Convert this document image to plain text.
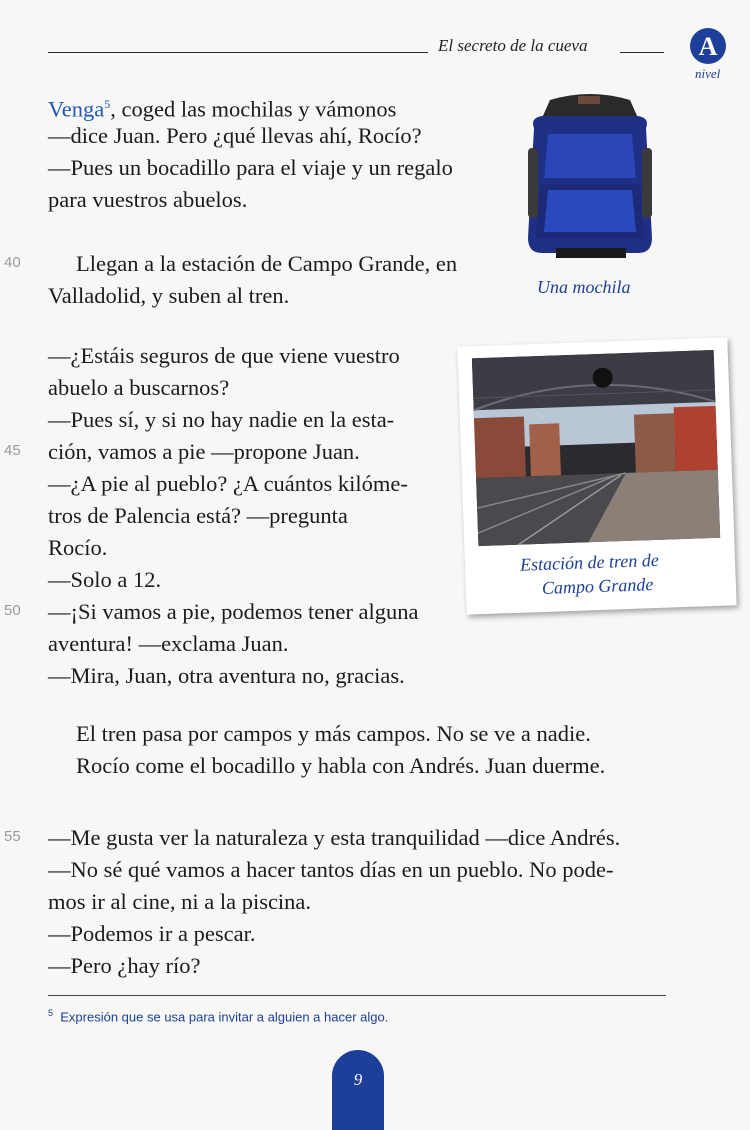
El secreto de la cueva	A
nivel
Venga$^5$, coged las mochilas y vámonos
—dice Juan. Pero ¿qué llevas ahí, Rocío?
—Pues un bocadillo para el viaje y un regalo
para vuestros abuelos.
Una mochila
40 Llegan a la estación de Campo Grande, en
Valladolid, y suben al tren.
—¿Estáis seguros de que viene vuestro
abuelo a buscarnos?
—Pues sí, y si no hay nadie en la esta-
45 ción, vamos a pie —propone Juan.
—¿A pie al pueblo? ¿A cuántos kilóme-
tros de Palencia está? —pregunta
Rocío.
—Solo a 12.
50 —¡Si vamos a pie, podemos tener alguna
aventura! —exclama Juan.
—Mira, Juan, otra aventura no, gracias.
Estación de tren de
Campo Grande
El tren pasa por campos y más campos. No se ve a nadie.
Rocío come el bocadillo y habla con Andrés. Juan duerme.
55 —Me gusta ver la naturaleza y esta tranquilidad —dice Andrés.
—No sé qué vamos a hacer tantos días en un pueblo. No pode-
mos ir al cine, ni a la piscina.
—Podemos ir a pescar.
—Pero ¿hay río?
$^5$ Expresión que se usa para invitar a alguien a hacer algo.
9
